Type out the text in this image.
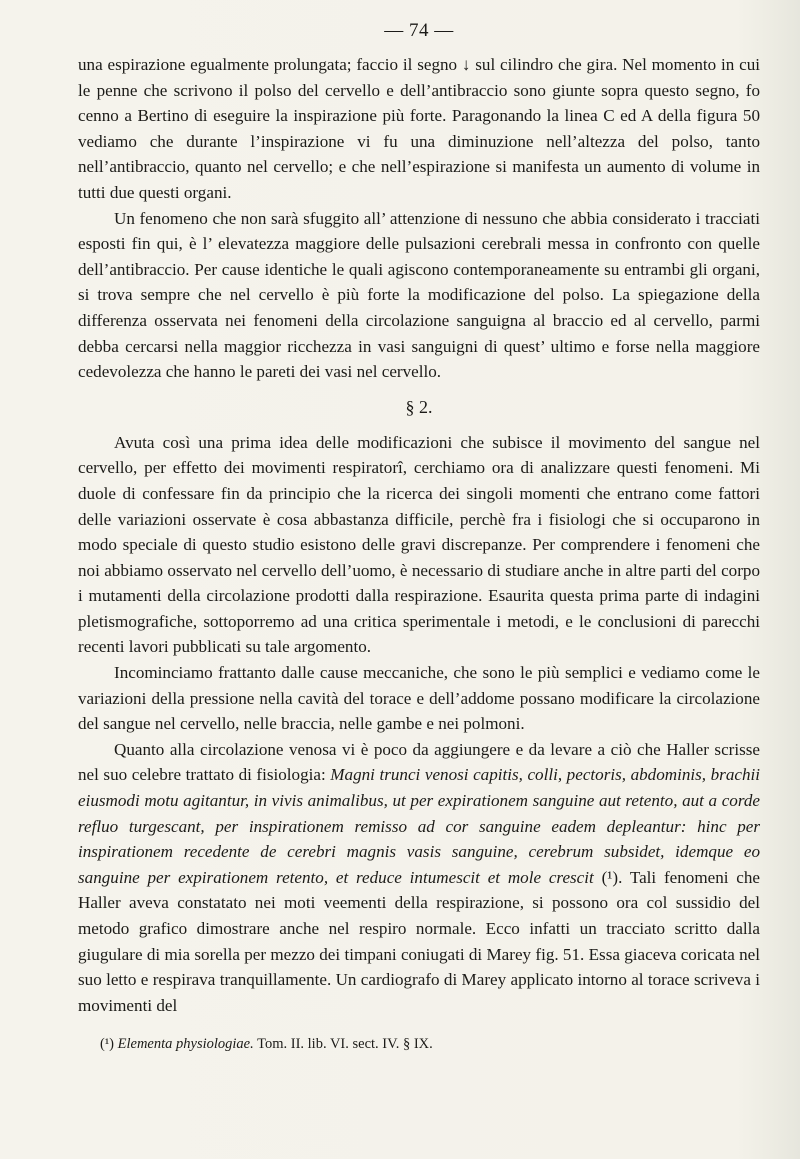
— 74 —

una espirazione egualmente prolungata; faccio il segno ↓ sul cilindro che gira. Nel momento in cui le penne che scrivono il polso del cervello e dell’antibraccio sono giunte sopra questo segno, fo cenno a Bertino di eseguire la inspirazione più forte. Paragonando la linea C ed A della figura 50 vediamo che durante l’inspirazione vi fu una diminuzione nell’altezza del polso, tanto nell’antibraccio, quanto nel cervello; e che nell’espirazione si manifesta un aumento di volume in tutti due questi organi.

Un fenomeno che non sarà sfuggito all’ attenzione di nessuno che abbia considerato i tracciati esposti fin qui, è l’ elevatezza maggiore delle pulsazioni cerebrali messa in confronto con quelle dell’antibraccio. Per cause identiche le quali agiscono contemporaneamente su entrambi gli organi, si trova sempre che nel cervello è più forte la modificazione del polso. La spiegazione della differenza osservata nei fenomeni della circolazione sanguigna al braccio ed al cervello, parmi debba cercarsi nella maggior ricchezza in vasi sanguigni di quest’ ultimo e forse nella maggiore cedevolezza che hanno le pareti dei vasi nel cervello.

§ 2.

Avuta così una prima idea delle modificazioni che subisce il movimento del sangue nel cervello, per effetto dei movimenti respiratorî, cerchiamo ora di analizzare questi fenomeni. Mi duole di confessare fin da principio che la ricerca dei singoli momenti che entrano come fattori delle variazioni osservate è cosa abbastanza difficile, perchè fra i fisiologi che si occuparono in modo speciale di questo studio esistono delle gravi discrepanze. Per comprendere i fenomeni che noi abbiamo osservato nel cervello dell’uomo, è necessario di studiare anche in altre parti del corpo i mutamenti della circolazione prodotti dalla respirazione. Esaurita questa prima parte di indagini pletismografiche, sottoporremo ad una critica sperimentale i metodi, e le conclusioni di parecchi recenti lavori pubblicati su tale argomento.

Incominciamo frattanto dalle cause meccaniche, che sono le più semplici e vediamo come le variazioni della pressione nella cavità del torace e dell’addome possano modificare la circolazione del sangue nel cervello, nelle braccia, nelle gambe e nei polmoni.

Quanto alla circolazione venosa vi è poco da aggiungere e da levare a ciò che Haller scrisse nel suo celebre trattato di fisiologia: Magni trunci venosi capitis, colli, pectoris, abdominis, brachii eiusmodi motu agitantur, in vivis animalibus, ut per expirationem sanguine aut retento, aut a corde refluo turgescant, per inspirationem remisso ad cor sanguine eadem depleantur: hinc per inspirationem recedente de cerebri magnis vasis sanguine, cerebrum subsidet, idemque eo sanguine per expirationem retento, et reduce intumescit et mole crescit (¹). Tali fenomeni che Haller aveva constatato nei moti veementi della respirazione, si possono ora col sussidio del metodo grafico dimostrare anche nel respiro normale. Ecco infatti un tracciato scritto dalla giugulare di mia sorella per mezzo dei timpani coniugati di Marey fig. 51. Essa giaceva coricata nel suo letto e respirava tranquillamente. Un cardiografo di Marey applicato intorno al torace scriveva i movimenti del

(¹) Elementa physiologiae. Tom. II. lib. VI. sect. IV. § IX.
